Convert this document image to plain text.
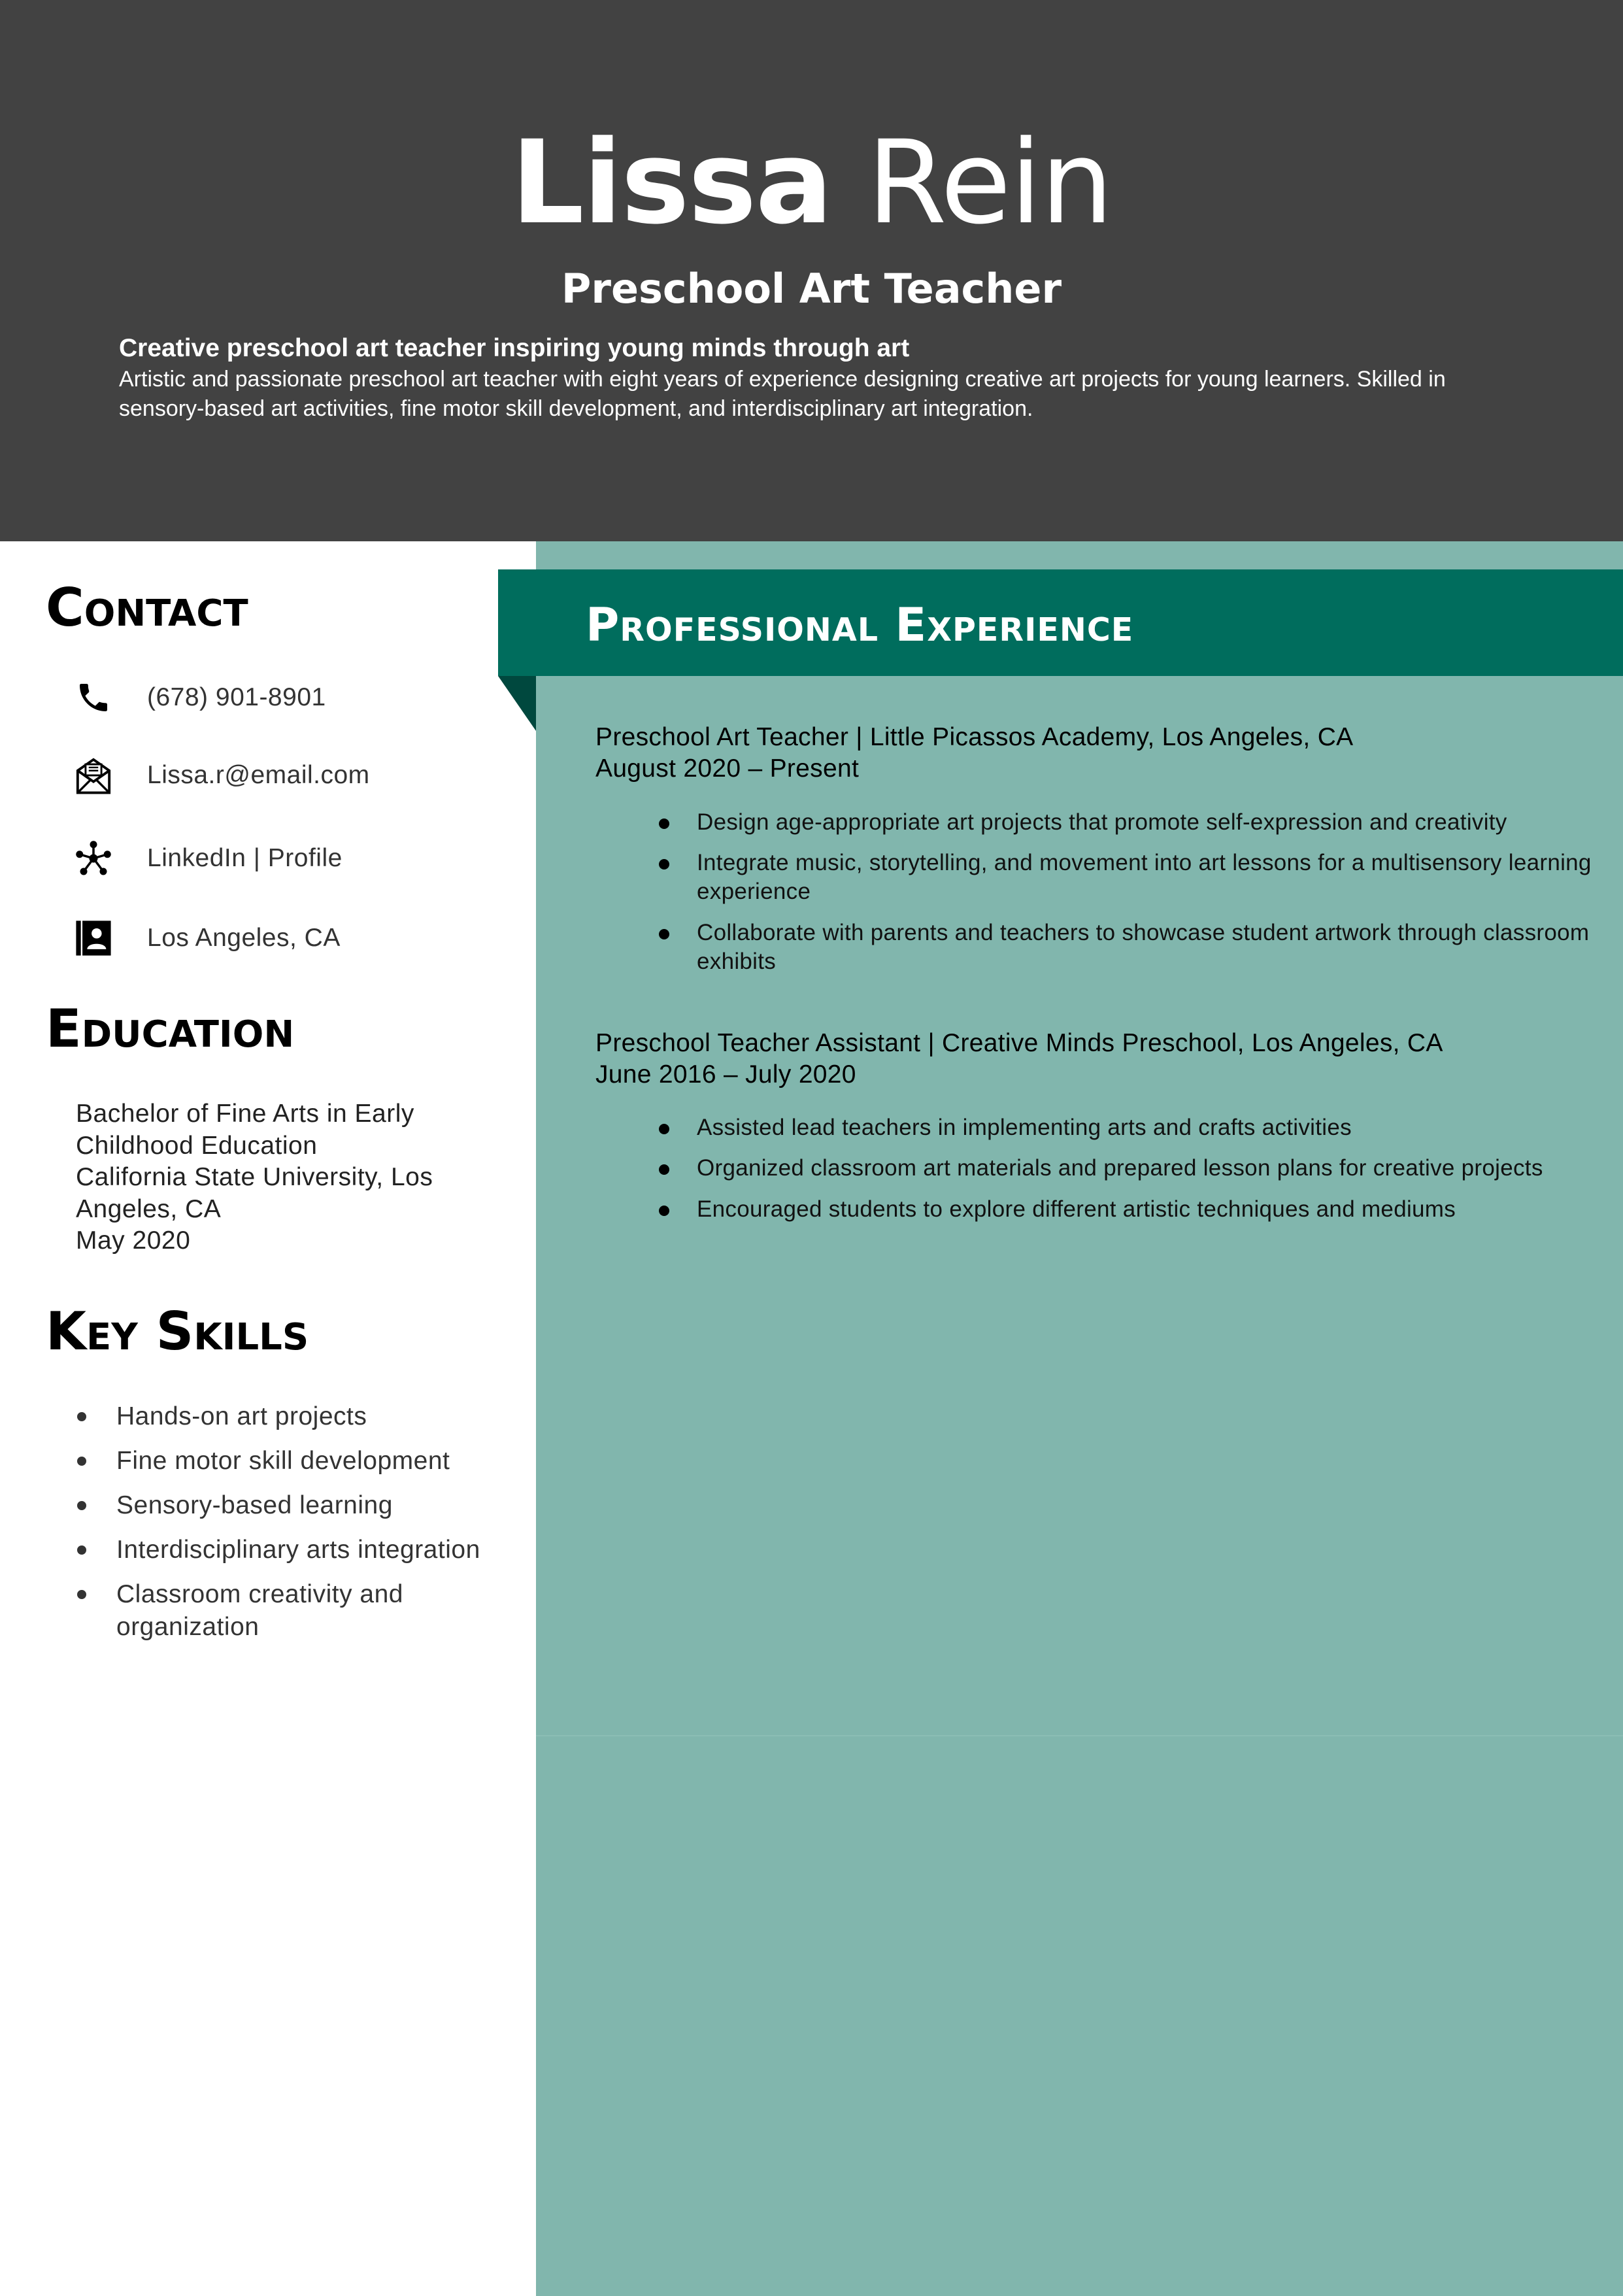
Lissa Rein
Preschool Art Teacher
Creative preschool art teacher inspiring young minds through art
Artistic and passionate preschool art teacher with eight years of experience designing creative art projects for young learners. Skilled in sensory-based art activities, fine motor skill development, and interdisciplinary art integration.
Professional Experience
Contact
(678) 901-8901
Lissa.r@email.com
LinkedIn | Profile
Los Angeles, CA
Education
Bachelor of Fine Arts in Early
Childhood Education
California State University, Los
Angeles, CA
May 2020
Key Skills
Hands-on art projects
Fine motor skill development
Sensory-based learning
Interdisciplinary arts integration
Classroom creativity and
organization
Preschool Art Teacher | Little Picassos Academy, Los Angeles, CA
August 2020 – Present
Design age-appropriate art projects that promote self-expression and creativity
Integrate music, storytelling, and movement into art lessons for a multisensory learning experience
Collaborate with parents and teachers to showcase student artwork through classroom exhibits
Preschool Teacher Assistant | Creative Minds Preschool, Los Angeles, CA
June 2016 – July 2020
Assisted lead teachers in implementing arts and crafts activities
Organized classroom art materials and prepared lesson plans for creative projects
Encouraged students to explore different artistic techniques and mediums
